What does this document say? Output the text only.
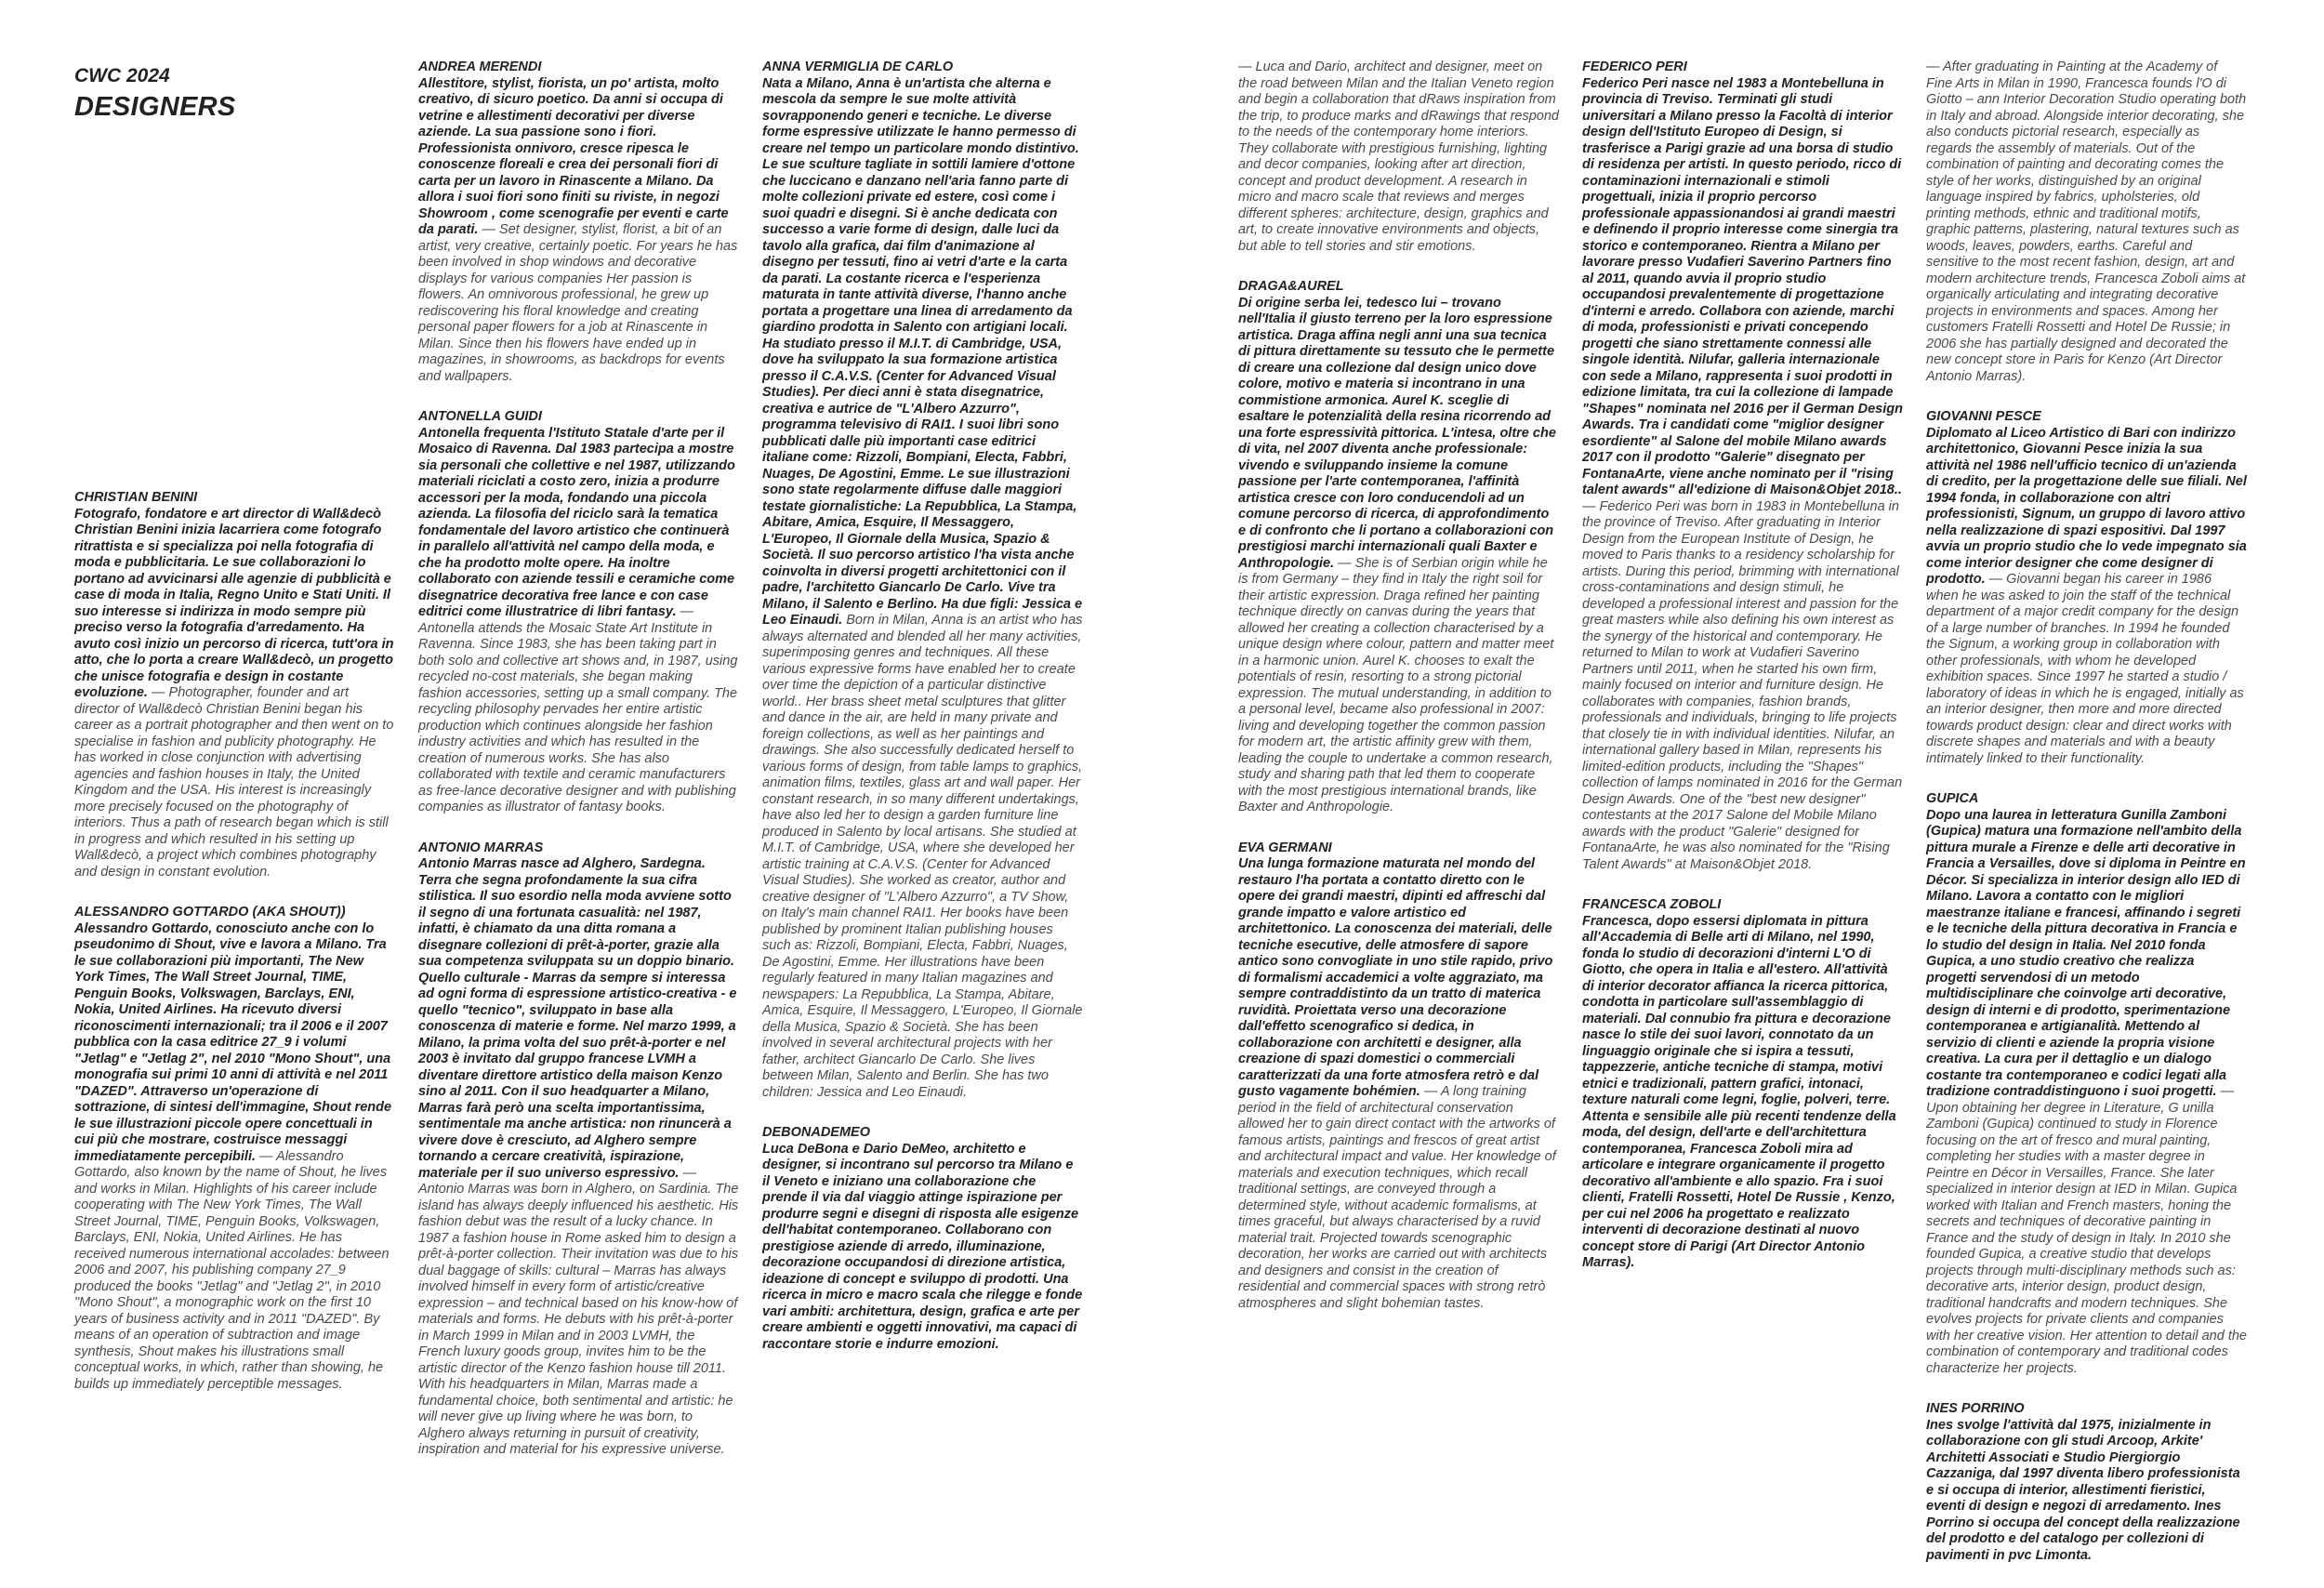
CWC 2024
DESIGNERS
CHRISTIAN BENINI
Fotografo, fondatore e art director di Wall&decò Christian Benini inizia lacarriera come fotografo ritrattista e si specializza poi nella fotografia di moda e pubblicitaria. Le sue collaborazioni lo portano ad avvicinarsi alle agenzie di pubblicità e case di moda in Italia, Regno Unito e Stati Uniti. Il suo interesse si indirizza in modo sempre più preciso verso la fotografia d'arredamento. Ha avuto così inizio un percorso di ricerca, tutt'ora in atto, che lo porta a creare Wall&decò, un progetto che unisce fotografia e design in costante evoluzione. — Photographer, founder and art director of Wall&decò Christian Benini began his career as a portrait photographer and then went on to specialise in fashion and publicity photography. He has worked in close conjunction with advertising agencies and fashion houses in Italy, the United Kingdom and the USA. His interest is increasingly more precisely focused on the photography of interiors. Thus a path of research began which is still in progress and which resulted in his setting up Wall&decò, a project which combines photography and design in constant evolution.
ALESSANDRO GOTTARDO (AKA SHOUT))
Alessandro Gottardo, conosciuto anche con lo pseudonimo di Shout, vive e lavora a Milano. Tra le sue collaborazioni più importanti, The New York Times, The Wall Street Journal, TIME, Penguin Books, Volkswagen, Barclays, ENI, Nokia, United Airlines. Ha ricevuto diversi riconoscimenti internazionali; tra il 2006 e il 2007 pubblica con la casa editrice 27_9 i volumi "Jetlag" e "Jetlag 2", nel 2010 "Mono Shout", una monografia sui primi 10 anni di attività e nel 2011 "DAZED". Attraverso un'operazione di sottrazione, di sintesi dell'immagine, Shout rende le sue illustrazioni piccole opere concettuali in cui più che mostrare, costruisce messaggi immediatamente percepibili. — Alessandro Gottardo, also known by the name of Shout, he lives and works in Milan. Highlights of his career include cooperating with The New York Times, The Wall Street Journal, TIME, Penguin Books, Volkswagen, Barclays, ENI, Nokia, United Airlines. He has received numerous international accolades: between 2006 and 2007, his publishing company 27_9 produced the books "Jetlag" and "Jetlag 2", in 2010 "Mono Shout", a monographic work on the first 10 years of business activity and in 2011 "DAZED". By means of an operation of subtraction and image synthesis, Shout makes his illustrations small conceptual works, in which, rather than showing, he builds up immediately perceptible messages.
ANDREA MERENDI
Allestitore, stylist, fiorista, un po' artista, molto creativo, di sicuro poetico. Da anni si occupa di vetrine e allestimenti decorativi per diverse aziende. La sua passione sono i fiori. Professionista onnivoro, cresce ripesca le conoscenze floreali e crea dei personali fiori di carta per un lavoro in Rinascente a Milano. Da allora i suoi fiori sono finiti su riviste, in negozi Showroom , come scenografie per eventi e carte da parati. — Set designer, stylist, florist, a bit of an artist, very creative, certainly poetic. For years he has been involved in shop windows and decorative displays for various companies Her passion is flowers. An omnivorous professional, he grew up rediscovering his floral knowledge and creating personal paper flowers for a job at Rinascente in Milan. Since then his flowers have ended up in magazines, in showrooms, as backdrops for events and wallpapers.
ANTONELLA GUIDI
Antonella frequenta l'Istituto Statale d'arte per il Mosaico di Ravenna. Dal 1983 partecipa a mostre sia personali che collettive e nel 1987, utilizzando materiali riciclati a costo zero, inizia a produrre accessori per la moda, fondando una piccola azienda. La filosofia del riciclo sarà la tematica fondamentale del lavoro artistico che continuerà in parallelo all'attività nel campo della moda, e che ha prodotto molte opere. Ha inoltre collaborato con aziende tessili e ceramiche come disegnatrice decorativa free lance e con case editrici come illustratrice di libri fantasy. — Antonella attends the Mosaic State Art Institute in Ravenna. Since 1983, she has been taking part in both solo and collective art shows and, in 1987, using recycled no-cost materials, she began making fashion accessories, setting up a small company. The recycling philosophy pervades her entire artistic production which continues alongside her fashion industry activities and which has resulted in the creation of numerous works. She has also collaborated with textile and ceramic manufacturers as free-lance decorative designer and with publishing companies as illustrator of fantasy books.
ANTONIO MARRAS
Antonio Marras nasce ad Alghero, Sardegna. Terra che segna profondamente la sua cifra stilistica. Il suo esordio nella moda avviene sotto il segno di una fortunata casualità: nel 1987, infatti, è chiamato da una ditta romana a disegnare collezioni di prêt-à-porter, grazie alla sua competenza sviluppata su un doppio binario. Quello culturale - Marras da sempre si interessa ad ogni forma di espressione artistico-creativa - e quello "tecnico", sviluppato in base alla conoscenza di materie e forme. Nel marzo 1999, a Milano, la prima volta del suo prêt-à-porter e nel 2003 è invitato dal gruppo francese LVMH a diventare direttore artistico della maison Kenzo sino al 2011. Con il suo headquarter a Milano, Marras farà però una scelta importantissima, sentimentale ma anche artistica: non rinuncerà a vivere dove è cresciuto, ad Alghero sempre tornando a cercare creatività, ispirazione, materiale per il suo universo espressivo. — Antonio Marras was born in Alghero, on Sardinia. The island has always deeply influenced his aesthetic. His fashion debut was the result of a lucky chance. In 1987 a fashion house in Rome asked him to design a prêt-à-porter collection. Their invitation was due to his dual baggage of skills: cultural – Marras has always involved himself in every form of artistic/creative expression – and technical based on his know-how of materials and forms. He debuts with his prêt-à-porter in March 1999 in Milan and in 2003 LVMH, the French luxury goods group, invites him to be the artistic director of the Kenzo fashion house till 2011. With his headquarters in Milan, Marras made a fundamental choice, both sentimental and artistic: he will never give up living where he was born, to Alghero always returning in pursuit of creativity, inspiration and material for his expressive universe.
ANNA VERMIGLIA DE CARLO
Nata a Milano, Anna è un'artista che alterna e mescola da sempre le sue molte attività sovrapponendo generi e tecniche. Le diverse forme espressive utilizzate le hanno permesso di creare nel tempo un particolare mondo distintivo. Le sue sculture tagliate in sottili lamiere d'ottone che luccicano e danzano nell'aria fanno parte di molte collezioni private ed estere, così come i suoi quadri e disegni. Si è anche dedicata con successo a varie forme di design, dalle luci da tavolo alla grafica, dai film d'animazione al disegno per tessuti, fino ai vetri d'arte e la carta da parati. La costante ricerca e l'esperienza maturata in tante attività diverse, l'hanno anche portata a progettare una linea di arredamento da giardino prodotta in Salento con artigiani locali. Ha studiato presso il M.I.T. di Cambridge, USA, dove ha sviluppato la sua formazione artistica presso il C.A.V.S. (Center for Advanced Visual Studies). Per dieci anni è stata disegnatrice, creativa e autrice de "L'Albero Azzurro", programma televisivo di RAI1. I suoi libri sono pubblicati dalle più importanti case editrici italiane come: Rizzoli, Bompiani, Electa, Fabbri, Nuages, De Agostini, Emme. Le sue illustrazioni sono state regolarmente diffuse dalle maggiori testate giornalistiche: La Repubblica, La Stampa, Abitare, Amica, Esquire, Il Messaggero, L'Europeo, Il Giornale della Musica, Spazio & Società. Il suo percorso artistico l'ha vista anche coinvolta in diversi progetti architettonici con il padre, l'architetto Giancarlo De Carlo. Vive tra Milano, il Salento e Berlino. Ha due figli: Jessica e Leo Einaudi. Born in Milan, Anna is an artist who has always alternated and blended all her many activities, superimposing genres and techniques. All these various expressive forms have enabled her to create over time the depiction of a particular distinctive world.. Her brass sheet metal sculptures that glitter and dance in the air, are held in many private and foreign collections, as well as her paintings and drawings. She also successfully dedicated herself to various forms of design, from table lamps to graphics, animation films, textiles, glass art and wall paper. Her constant research, in so many different undertakings, have also led her to design a garden furniture line produced in Salento by local artisans. She studied at M.I.T. of Cambridge, USA, where she developed her artistic training at C.A.V.S. (Center for Advanced Visual Studies). She worked as creator, author and creative designer of "L'Albero Azzurro", a TV Show, on Italy's main channel RAI1. Her books have been published by prominent Italian publishing houses such as: Rizzoli, Bompiani, Electa, Fabbri, Nuages, De Agostini, Emme. Her illustrations have been regularly featured in many Italian magazines and newspapers: La Repubblica, La Stampa, Abitare, Amica, Esquire, Il Messaggero, L'Europeo, Il Giornale della Musica, Spazio & Società. She has been involved in several architectural projects with her father, architect Giancarlo De Carlo. She lives between Milan, Salento and Berlin. She has two children: Jessica and Leo Einaudi.
DEBONADEMEO
Luca DeBona e Dario DeMeo, architetto e designer, si incontrano sul percorso tra Milano e il Veneto e iniziano una collaborazione che prende il via dal viaggio attinge ispirazione per produrre segni e disegni di risposta alle esigenze dell'habitat contemporaneo. Collaborano con prestigiose aziende di arredo, illuminazione, decorazione occupandosi di direzione artistica, ideazione di concept e sviluppo di prodotti. Una ricerca in micro e macro scala che rilegge e fonde vari ambiti: architettura, design, grafica e arte per creare ambienti e oggetti innovativi, ma capaci di raccontare storie e indurre emozioni.
— Luca and Dario, architect and designer, meet on the road between Milan and the Italian Veneto region and begin a collaboration that dRaws inspiration from the trip, to produce marks and dRawings that respond to the needs of the contemporary home interiors. They collaborate with prestigious furnishing, lighting and decor companies, looking after art direction, concept and product development. A research in micro and macro scale that reviews and merges different spheres: architecture, design, graphics and art, to create innovative environments and objects, but able to tell stories and stir emotions.
DRAGA&AUREL
Di origine serba lei, tedesco lui – trovano nell'Italia il giusto terreno per la loro espressione artistica. Draga affina negli anni una sua tecnica di pittura direttamente su tessuto che le permette di creare una collezione dal design unico dove colore, motivo e materia si incontrano in una commistione armonica. Aurel K. sceglie di esaltare le potenzialità della resina ricorrendo ad una forte espressività pittorica. L'intesa, oltre che di vita, nel 2007 diventa anche professionale: vivendo e sviluppando insieme la comune passione per l'arte contemporanea, l'affinità artistica cresce con loro conducendoli ad un comune percorso di ricerca, di approfondimento e di confronto che li portano a collaborazioni con prestigiosi marchi internazionali quali Baxter e Anthropologie. — She is of Serbian origin while he is from Germany – they find in Italy the right soil for their artistic expression. Draga refined her painting technique directly on canvas during the years that allowed her creating a collection characterised by a unique design where colour, pattern and matter meet in a harmonic union. Aurel K. chooses to exalt the potentials of resin, resorting to a strong pictorial expression. The mutual understanding, in addition to a personal level, became also professional in 2007: living and developing together the common passion for modern art, the artistic affinity grew with them, leading the couple to undertake a common research, study and sharing path that led them to cooperate with the most prestigious international brands, like Baxter and Anthropologie.
EVA GERMANI
Una lunga formazione maturata nel mondo del restauro l'ha portata a contatto diretto con le opere dei grandi maestri, dipinti ed affreschi dal grande impatto e valore artistico ed architettonico. La conoscenza dei materiali, delle tecniche esecutive, delle atmosfere di sapore antico sono convogliate in uno stile rapido, privo di formalismi accademici a volte aggraziato, ma sempre contraddistinto da un tratto di materica ruvidità. Proiettata verso una decorazione dall'effetto scenografico si dedica, in collaborazione con architetti e designer, alla creazione di spazi domestici o commerciali caratterizzati da una forte atmosfera retrò e dal gusto vagamente bohémien. — A long training period in the field of architectural conservation allowed her to gain direct contact with the artworks of famous artists, paintings and frescos of great artist and architectural impact and value. Her knowledge of materials and execution techniques, which recall traditional settings, are conveyed through a determined style, without academic formalisms, at times graceful, but always characterised by a ruvid material trait. Projected towards scenographic decoration, her works are carried out with architects and designers and consist in the creation of residential and commercial spaces with strong retrò atmospheres and slight bohemian tastes.
FEDERICO PERI
Federico Peri nasce nel 1983 a Montebelluna in provincia di Treviso. Terminati gli studi universitari a Milano presso la Facoltà di interior design dell'Istituto Europeo di Design, si trasferisce a Parigi grazie ad una borsa di studio di residenza per artisti. In questo periodo, ricco di contaminazioni internazionali e stimoli progettuali, inizia il proprio percorso professionale appassionandosi ai grandi maestri e definendo il proprio interesse come sinergia tra storico e contemporaneo. Rientra a Milano per lavorare presso Vudafieri Saverino Partners fino al 2011, quando avvia il proprio studio occupandosi prevalentemente di progettazione d'interni e arredo. Collabora con aziende, marchi di moda, professionisti e privati concependo progetti che siano strettamente connessi alle singole identità. Nilufar, galleria internazionale con sede a Milano, rappresenta i suoi prodotti in edizione limitata, tra cui la collezione di lampade "Shapes" nominata nel 2016 per il German Design Awards. Tra i candidati come "miglior designer esordiente" al Salone del mobile Milano awards 2017 con il prodotto "Galerie" disegnato per FontanaArte, viene anche nominato per il "rising talent awards" all'edizione di Maison&Objet 2018.. — Federico Peri was born in 1983 in Montebelluna in the province of Treviso. After graduating in Interior Design from the European Institute of Design, he moved to Paris thanks to a residency scholarship for artists. During this period, brimming with international cross-contaminations and design stimuli, he developed a professional interest and passion for the great masters while also defining his own interest as the synergy of the historical and contemporary. He returned to Milan to work at Vudafieri Saverino Partners until 2011, when he started his own firm, mainly focused on interior and furniture design. He collaborates with companies, fashion brands, professionals and individuals, bringing to life projects that closely tie in with individual identities. Nilufar, an international gallery based in Milan, represents his limited-edition products, including the "Shapes" collection of lamps nominated in 2016 for the German Design Awards. One of the "best new designer" contestants at the 2017 Salone del Mobile Milano awards with the product "Galerie" designed for FontanaArte, he was also nominated for the "Rising Talent Awards" at Maison&Objet 2018.
FRANCESCA ZOBOLI
Francesca, dopo essersi diplomata in pittura all'Accademia di Belle arti di Milano, nel 1990, fonda lo studio di decorazioni d'interni L'O di Giotto, che opera in Italia e all'estero. All'attività di interior decorator affianca la ricerca pittorica, condotta in particolare sull'assemblaggio di materiali. Dal connubio fra pittura e decorazione nasce lo stile dei suoi lavori, connotato da un linguaggio originale che si ispira a tessuti, tappezzerie, antiche tecniche di stampa, motivi etnici e tradizionali, pattern grafici, intonaci, texture naturali come legni, foglie, polveri, terre. Attenta e sensibile alle più recenti tendenze della moda, del design, dell'arte e dell'architettura contemporanea, Francesca Zoboli mira ad articolare e integrare organicamente il progetto decorativo all'ambiente e allo spazio. Fra i suoi clienti, Fratelli Rossetti, Hotel De Russie , Kenzo, per cui nel 2006 ha progettato e realizzato interventi di decorazione destinati al nuovo concept store di Parigi (Art Director Antonio Marras).
— After graduating in Painting at the Academy of Fine Arts in Milan in 1990, Francesca founds l'O di Giotto – ann Interior Decoration Studio operating both in Italy and abroad. Alongside interior decorating, she also conducts pictorial research, especially as regards the assembly of materials. Out of the combination of painting and decorating comes the style of her works, distinguished by an original language inspired by fabrics, upholsteries, old printing methods, ethnic and traditional motifs, graphic patterns, plastering, natural textures such as woods, leaves, powders, earths. Careful and sensitive to the most recent fashion, design, art and modern architecture trends, Francesca Zoboli aims at organically articulating and integrating decorative projects in environments and spaces. Among her customers Fratelli Rossetti and Hotel De Russie; in 2006 she has partially designed and decorated the new concept store in Paris for Kenzo (Art Director Antonio Marras).
GIOVANNI PESCE
Diplomato al Liceo Artistico di Bari con indirizzo architettonico, Giovanni Pesce inizia la sua attività nel 1986 nell'ufficio tecnico di un'azienda di credito, per la progettazione delle sue filiali. Nel 1994 fonda, in collaborazione con altri professionisti, Signum, un gruppo di lavoro attivo nella realizzazione di spazi espositivi. Dal 1997 avvia un proprio studio che lo vede impegnato sia come interior designer che come designer di prodotto. — Giovanni began his career in 1986 when he was asked to join the staff of the technical department of a major credit company for the design of a large number of branches. In 1994 he founded the Signum, a working group in collaboration with other professionals, with whom he developed exhibition spaces. Since 1997 he started a studio / laboratory of ideas in which he is engaged, initially as an interior designer, then more and more directed towards product design: clear and direct works with discrete shapes and materials and with a beauty intimately linked to their functionality.
GUPICA
Dopo una laurea in letteratura Gunilla Zamboni (Gupica) matura una formazione nell'ambito della pittura murale a Firenze e delle arti decorative in Francia a Versailles, dove si diploma in Peintre en Décor. Si specializza in interior design allo IED di Milano. Lavora a contatto con le migliori maestranze italiane e francesi, affinando i segreti e le tecniche della pittura decorativa in Francia e lo studio del design in Italia. Nel 2010 fonda Gupica, a uno studio creativo che realizza progetti servendosi di un metodo multidisciplinare che coinvolge arti decorative, design di interni e di prodotto, sperimentazione contemporanea e artigianalità. Mettendo al servizio di clienti e aziende la propria visione creativa. La cura per il dettaglio e un dialogo costante tra contemporaneo e codici legati alla tradizione contraddistinguono i suoi progetti. — Upon obtaining her degree in Literature, G unilla Zamboni (Gupica) continued to study in Florence focusing on the art of fresco and mural painting, completing her studies with a master degree in Peintre en Décor in Versailles, France. She later specialized in interior design at IED in Milan. Gupica worked with Italian and French masters, honing the secrets and techniques of decorative painting in France and the study of design in Italy. In 2010 she founded Gupica, a creative studio that develops projects through multi-disciplinary methods such as: decorative arts, interior design, product design, traditional handcrafts and modern techniques. She evolves projects for private clients and companies with her creative vision. Her attention to detail and the combination of contemporary and traditional codes characterize her projects.
INES PORRINO
Ines svolge l'attività dal 1975, inizialmente in collaborazione con gli studi Arcoop, Arkite' Architetti Associati e Studio Piergiorgio Cazzaniga, dal 1997 diventa libero professionista e si occupa di interior, allestimenti fieristici, eventi di design e negozi di arredamento. Ines Porrino si occupa del concept della realizzazione del prodotto e del catalogo per collezioni di pavimenti in pvc Limonta.
